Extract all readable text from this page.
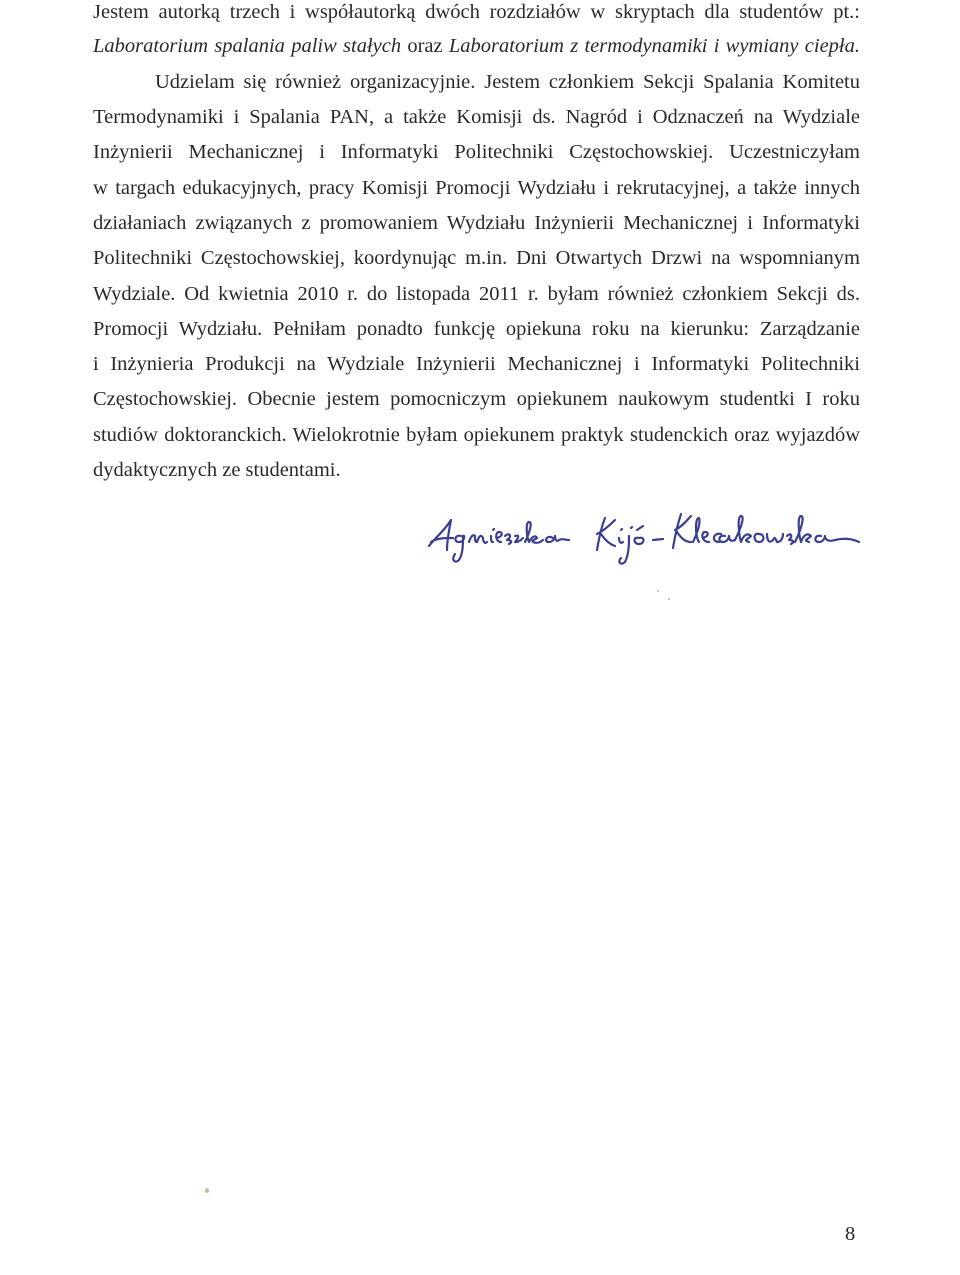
Jestem autorką trzech i współautorką dwóch rozdziałów w skryptach dla studentów pt.:
Laboratorium spalania paliw stałych oraz Laboratorium z termodynamiki i wymiany ciepła.
Udzielam się również organizacyjnie. Jestem członkiem Sekcji Spalania Komitetu
Termodynamiki i Spalania PAN, a także Komisji ds. Nagród i Odznaczeń na Wydziale
Inżynierii Mechanicznej i Informatyki Politechniki Częstochowskiej. Uczestniczyłam
w targach edukacyjnych, pracy Komisji Promocji Wydziału i rekrutacyjnej, a także innych
działaniach związanych z promowaniem Wydziału Inżynierii Mechanicznej i Informatyki
Politechniki Częstochowskiej, koordynując m.in. Dni Otwartych Drzwi na wspomnianym
Wydziale. Od kwietnia 2010 r. do listopada 2011 r. byłam również członkiem Sekcji ds.
Promocji Wydziału. Pełniłam ponadto funkcję opiekuna roku na kierunku: Zarządzanie
i Inżynieria Produkcji na Wydziale Inżynierii Mechanicznej i Informatyki Politechniki
Częstochowskiej. Obecnie jestem pomocniczym opiekunem naukowym studentki I roku
studiów doktoranckich. Wielokrotnie byłam opiekunem praktyk studenckich oraz wyjazdów
dydaktycznych ze studentami.
8
